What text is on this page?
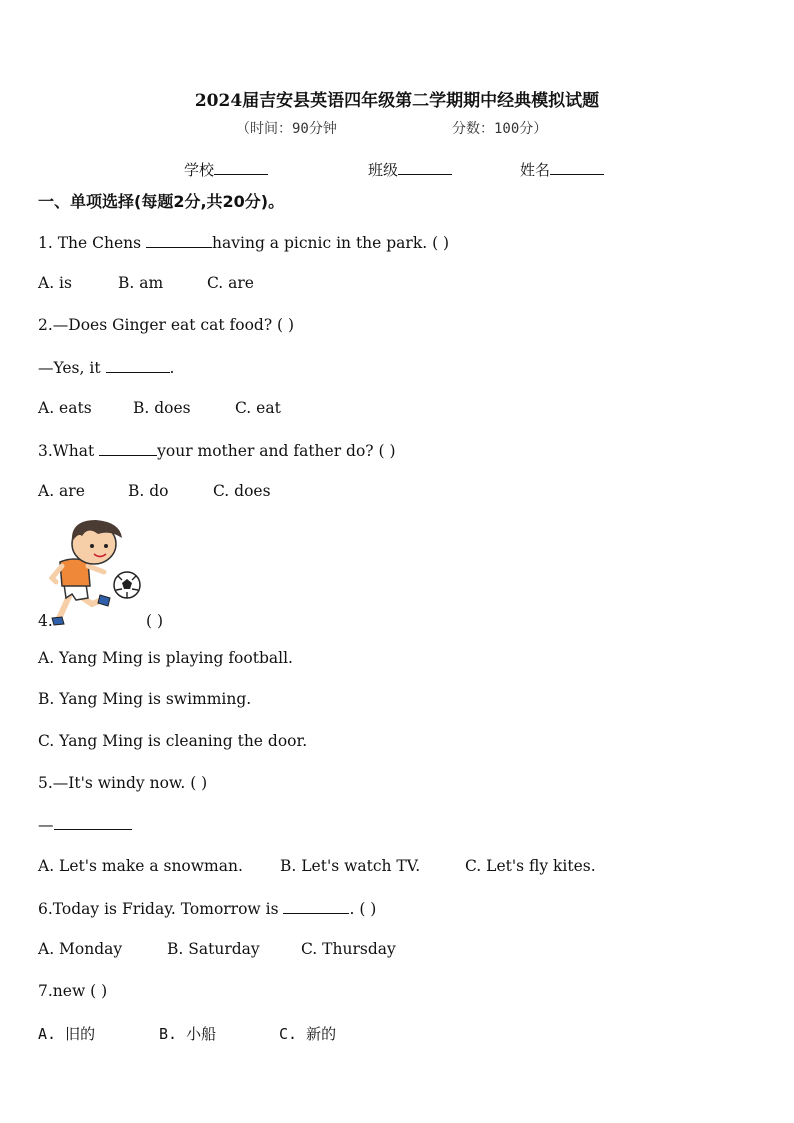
2024届吉安县英语四年级第二学期期中经典模拟试题
（时间：90分钟	分数：100分）
学校	班级	姓名
一、单项选择(每题2分,共20分)。
1. The Chens	having a picnic in the park. ( )
A. is	B. am	C. are
2.—Does Ginger eat cat food? ( )
—Yes, it	.
A. eats	B. does	C. eat
3.What	your mother and father do? ( )
A. are	B. do	C. does
4.	( )
A. Yang Ming is playing football.
B. Yang Ming is swimming.
C. Yang Ming is cleaning the door.
5.—It's windy now. ( )
—
A. Let's make a snowman. B. Let's watch TV.	C. Let's fly kites.
6.Today is Friday. Tomorrow is	. ( )
A. Monday	B. Saturday	C. Thursday
7.new ( )
A. 旧的	B. 小船	C. 新的
